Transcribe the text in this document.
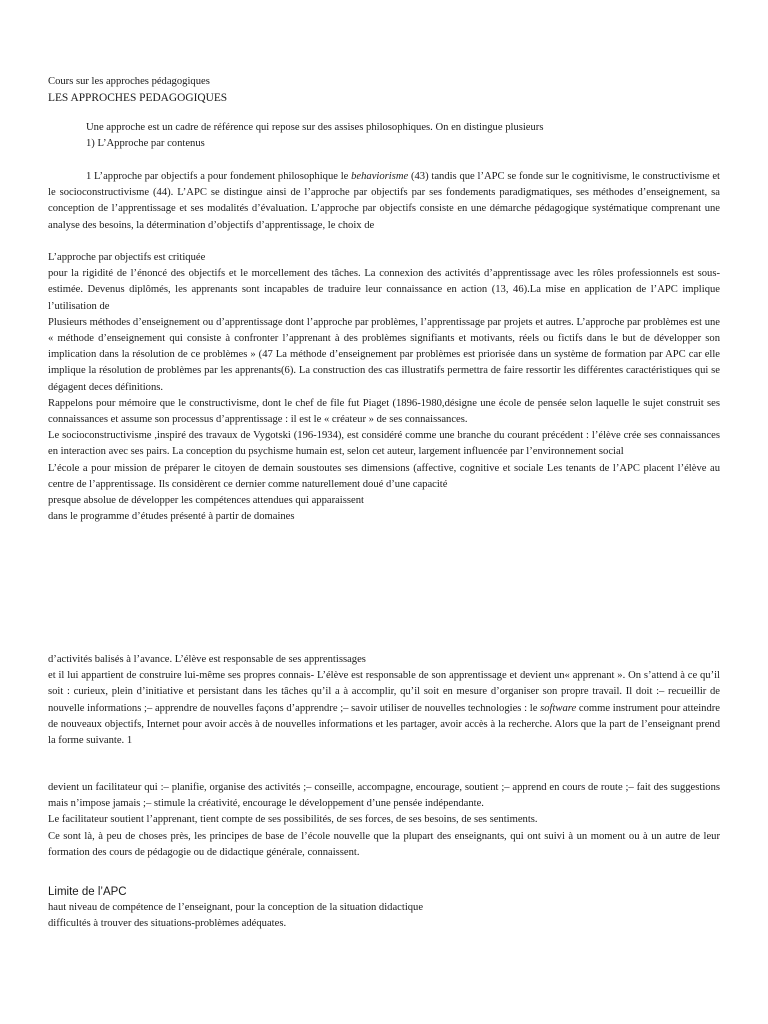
Cours sur les approches pédagogiques

LES APPROCHES PEDAGOGIQUES

Une approche est un cadre de référence qui repose sur des assises philosophiques. On en distingue plusieurs

1) L’Approche par contenus

1 L’approche par objectifs a pour fondement philosophique le behaviorisme (43) tandis que l’APC se fonde sur le cognitivisme, le constructivisme et le socioconstructivisme (44). L’APC se distingue ainsi de l’approche par objectifs par ses fondements paradigmatiques, ses méthodes d’enseignement, sa conception de l’apprentissage et ses modalités d’évaluation. L’approche par objectifs consiste en une démarche pédagogique systématique comprenant une analyse des besoins, la détermination d’objectifs d’apprentissage, le choix de

L’approche par objectifs est critiquée

pour la rigidité de l’énoncé des objectifs et le morcellement des tâches. La connexion des activités d’apprentissage avec les rôles professionnels est sous-estimée. Devenus diplômés, les apprenants sont incapables de traduire leur connaissance en action (13, 46).La mise en application de l’APC implique l’utilisation de

Plusieurs méthodes d’enseignement ou d’apprentissage dont l’approche par problèmes, l’apprentissage par projets et autres. L’approche par problèmes est une « méthode d’enseignement qui consiste à confronter l’apprenant à des problèmes signifiants et motivants, réels ou fictifs dans le but de développer son implication dans la résolution de ce problèmes » (47 La méthode d’enseignement par problèmes est priorisée dans un système de formation par APC car elle implique la résolution de problèmes par les apprenants(6). La construction des cas illustratifs permettra de faire ressortir les différentes caractéristiques qui se dégagent deces définitions.

Rappelons pour mémoire que le constructivisme, dont le chef de file fut Piaget (1896-1980,désigne une école de pensée selon laquelle le sujet construit ses connaissances et assume son processus d’apprentissage : il est le « créateur » de ses connaissances.

Le socioconstructivisme ,inspiré des travaux de Vygotski (196-1934), est considéré comme une branche du courant précédent : l’élève crée ses connaissances en interaction avec ses pairs. La conception du psychisme humain est, selon cet auteur, largement influencée par l’environnement social

L’école a pour mission de préparer le citoyen de demain soustoutes ses dimensions (affective, cognitive et sociale Les tenants de l’APC placent l’élève au centre de l’apprentissage. Ils considèrent ce dernier comme naturellement doué d’une capacité

presque absolue de développer les compétences attendues qui apparaissent

dans le programme d’études présenté à partir de domaines

d’activités balisés à l’avance. L’élève est responsable de ses apprentissages

et il lui appartient de construire lui-même ses propres connais- L’élève est responsable de son apprentissage et devient un« apprenant ». On s’attend à ce qu’il soit : curieux, plein d’initiative et persistant dans les tâches qu’il a à accomplir, qu’il soit en mesure d’organiser son propre travail. Il doit :– recueillir de nouvelle informations ;– apprendre de nouvelles façons d’apprendre ;– savoir utiliser de nouvelles technologies : le software comme instrument pour atteindre de nouveaux objectifs, Internet pour avoir accès à de nouvelles informations et les partager, avoir accès à la recherche. Alors que la part de l’enseignant prend la forme suivante. 1

devient un facilitateur qui :– planifie, organise des activités ;– conseille, accompagne, encourage, soutient ;– apprend en cours de route ;– fait des suggestions mais n’impose jamais ;– stimule la créativité, encourage le développement d’une pensée indépendante.

Le facilitateur soutient l’apprenant, tient compte de ses possibilités, de ses forces, de ses besoins, de ses sentiments.

Ce sont là, à peu de choses près, les principes de base de l’école nouvelle que la plupart des enseignants, qui ont suivi à un moment ou à un autre de leur formation des cours de pédagogie ou de didactique générale, connaissent.

Limite de l’APC

haut niveau de compétence de l’enseignant, pour la conception de la situation didactique

difficultés à trouver des situations-problèmes adéquates.
